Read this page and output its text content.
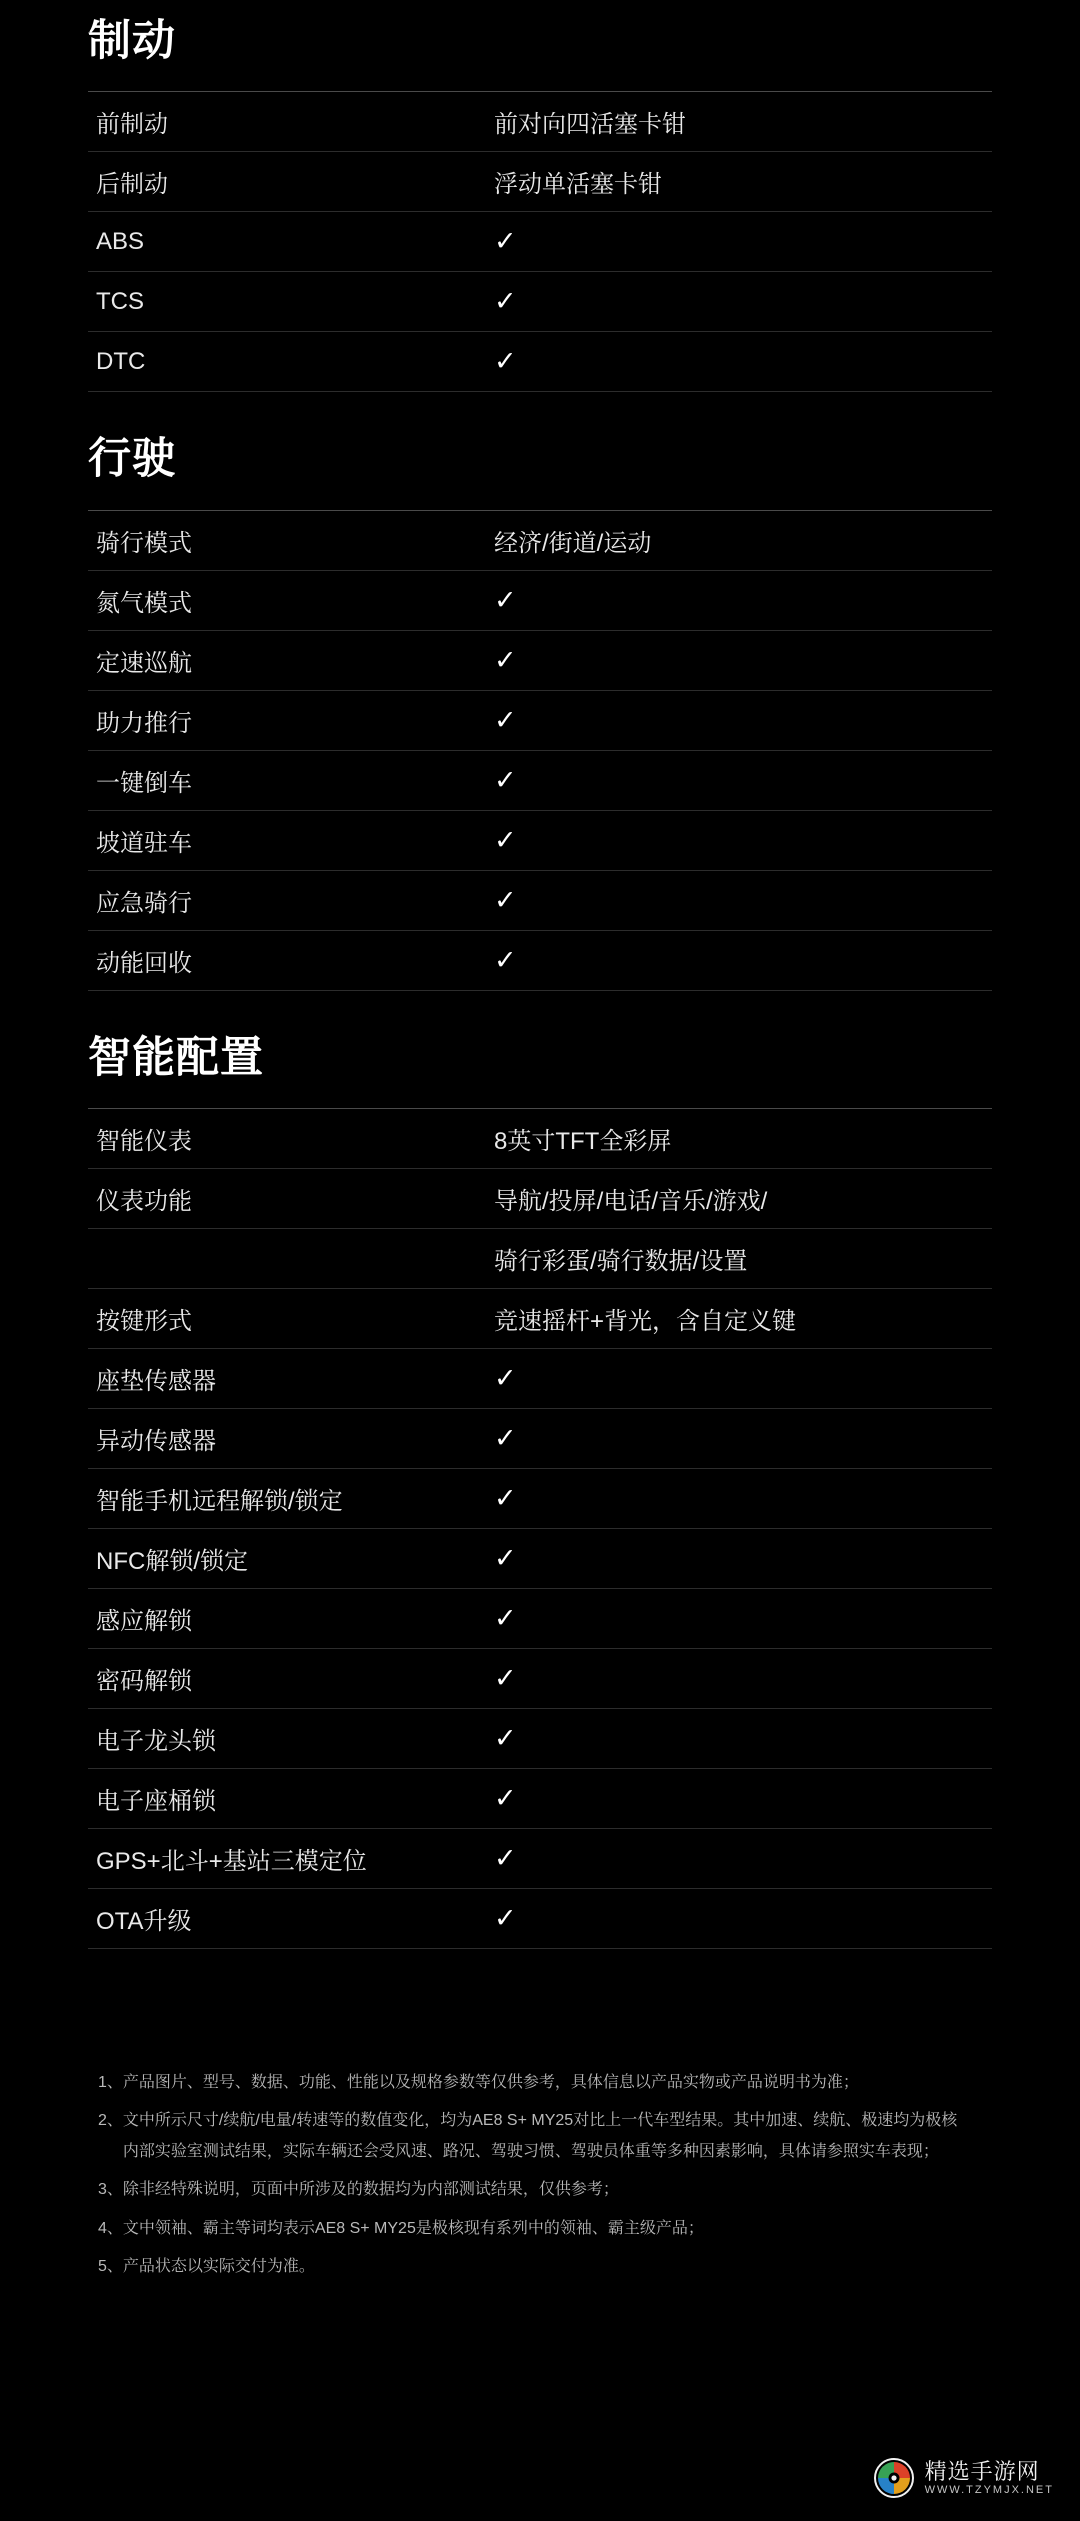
制动
前制动	前对向四活塞卡钳
后制动	浮动单活塞卡钳
ABS	✓
TCS	✓
DTC	✓
行驶
骑行模式	经济/街道/运动
氮气模式	✓
定速巡航	✓
助力推行	✓
一键倒车	✓
坡道驻车	✓
应急骑行	✓
动能回收	✓
智能配置
智能仪表	8英寸TFT全彩屏
仪表功能	导航/投屏/电话/音乐/游戏/
	骑行彩蛋/骑行数据/设置
按键形式	竞速摇杆+背光，含自定义键
座垫传感器	✓
异动传感器	✓
智能手机远程解锁/锁定	✓
NFC解锁/锁定	✓
感应解锁	✓
密码解锁	✓
电子龙头锁	✓
电子座桶锁	✓
GPS+北斗+基站三模定位	✓
OTA升级	✓
1、 产品图片、型号、数据、功能、性能以及规格参数等仅供参考，具体信息以产品实物或产品说明书为准；
2、 文中所示尺寸/续航/电量/转速等的数值变化，均为AE8 S+ MY25对比上一代车型结果。其中加速、续航、极速均为极核内部实验室测试结果，实际车辆还会受风速、路况、驾驶习惯、驾驶员体重等多种因素影响，具体请参照实车表现；
3、 除非经特殊说明，页面中所涉及的数据均为内部测试结果，仅供参考；
4、 文中领袖、霸主等词均表示AE8 S+ MY25是极核现有系列中的领袖、霸主级产品；
5、 产品状态以实际交付为准。
精选手游网
WWW.TZYMJX.NET
